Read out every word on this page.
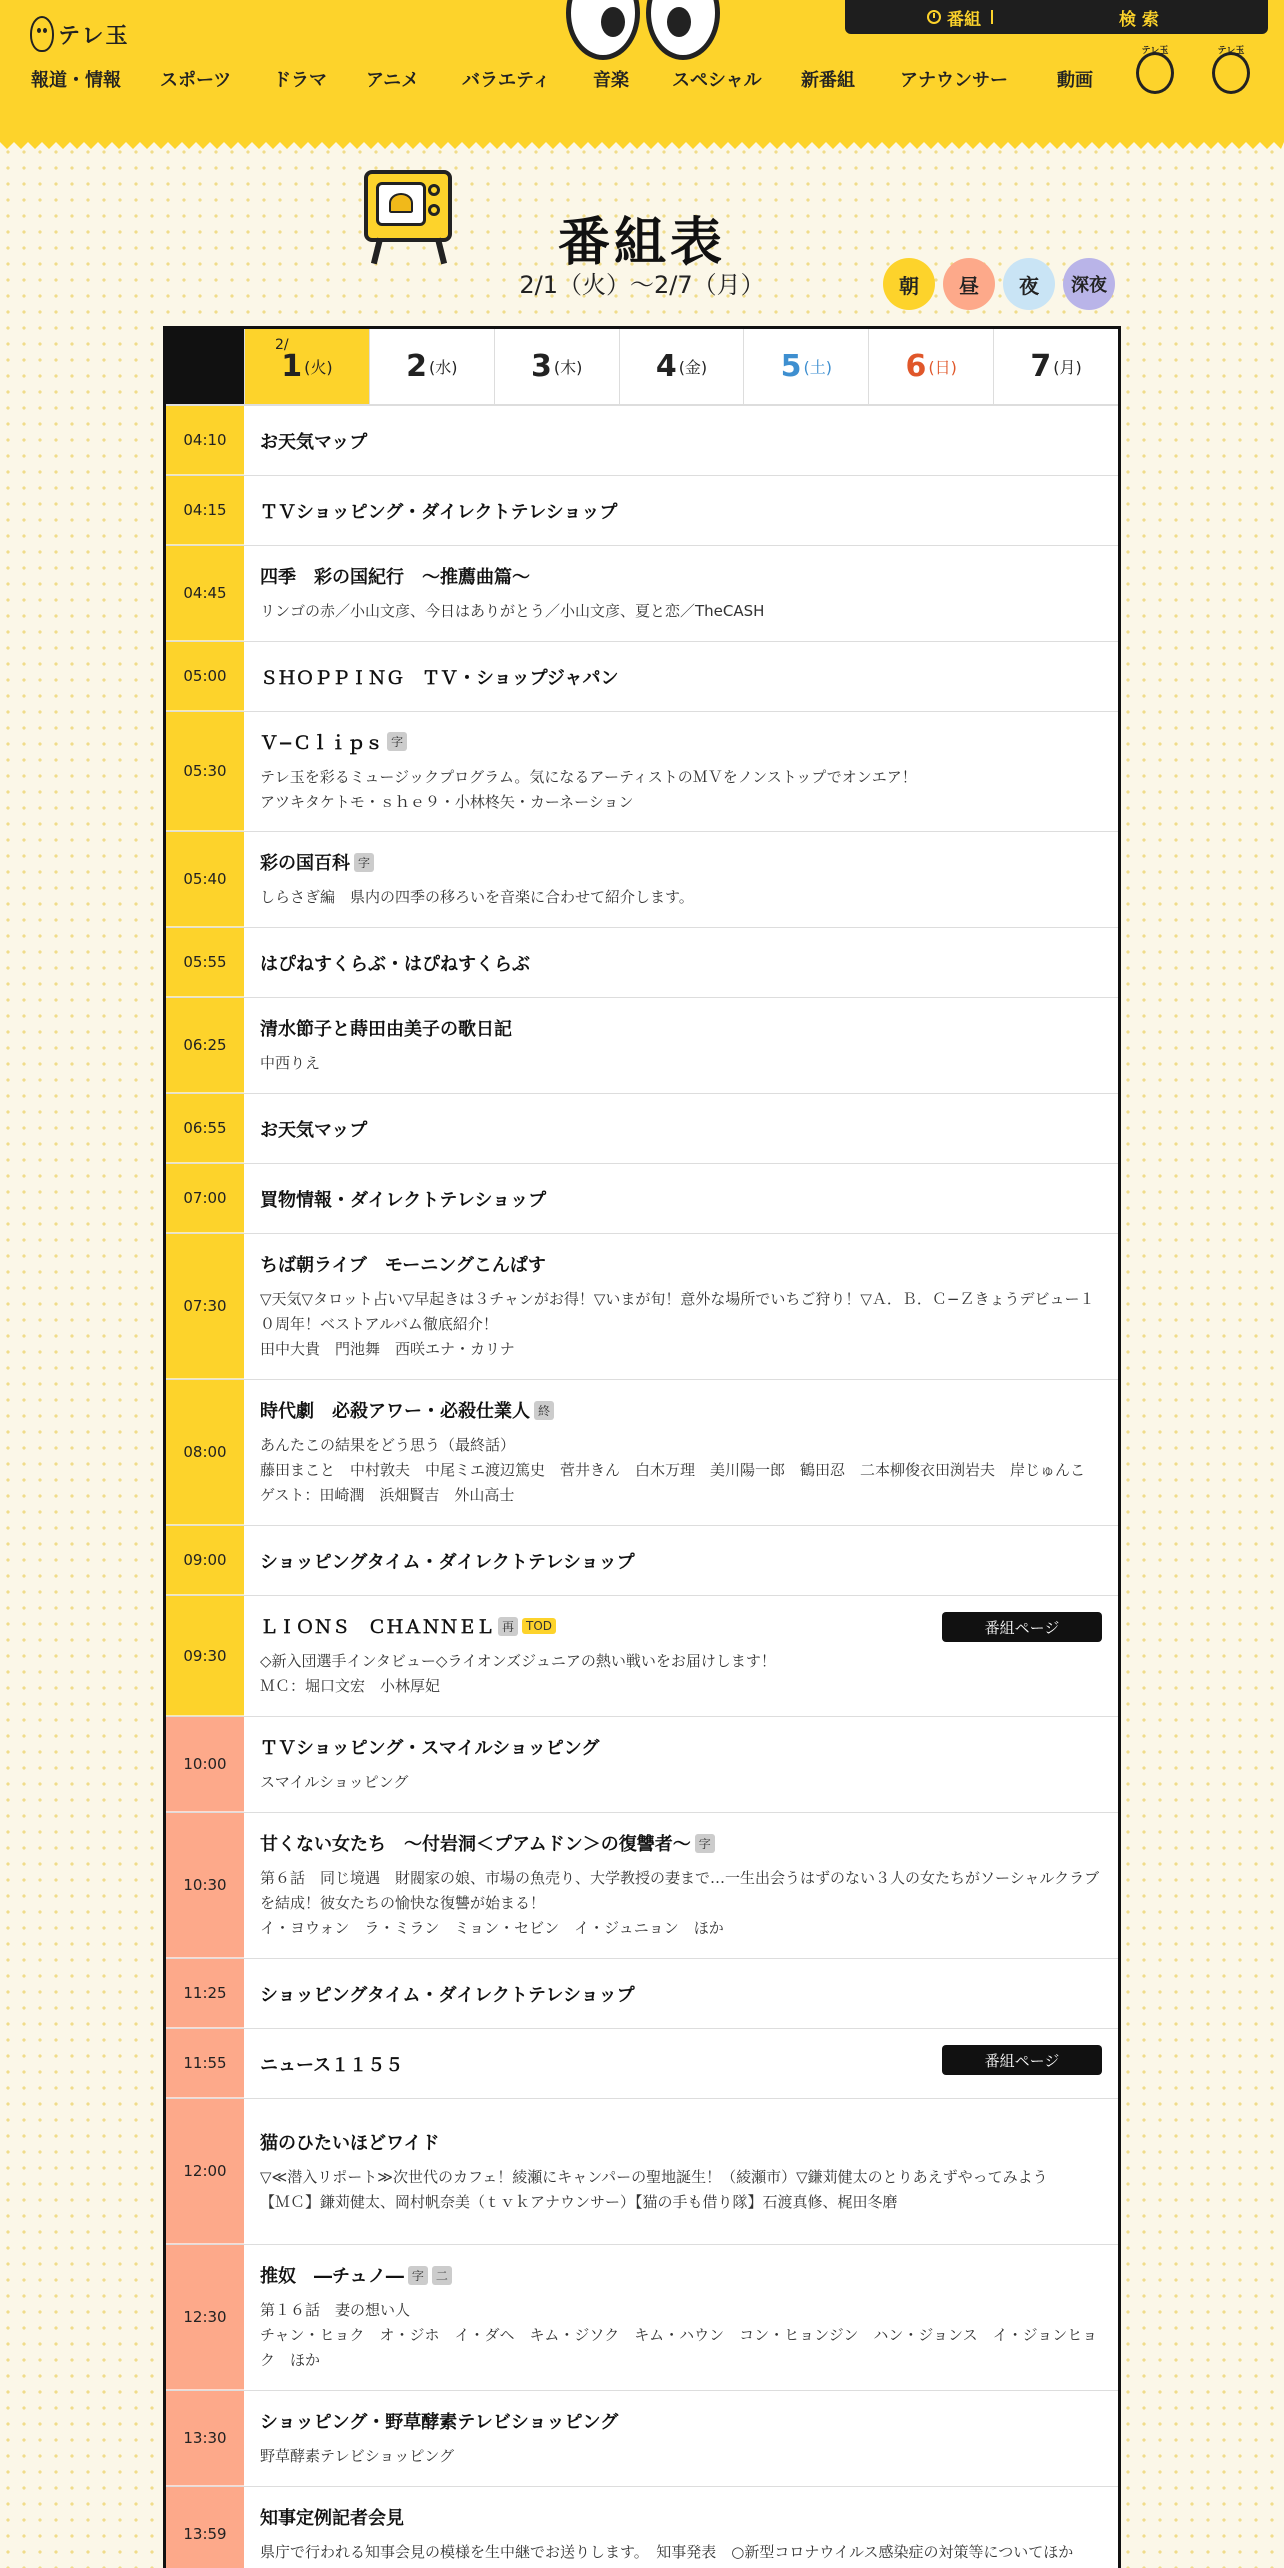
テレ玉
番組	検 索
報道・情報 スポーツ ドラマ アニメ バラエティ 音楽 スペシャル 新番組	アナウンサー	動画
テレ玉	テレ玉
番組表
2/1（火）〜2/7（月）	朝	昼	夜	深夜
2/
1 (火) 2 (水) 3 (木) 4 (金) 5 (土) 6 (日) 7 (月)
04:10	お天気マップ
04:15	ＴＶショッピング・ダイレクトテレショップ
04:45
四季　彩の国紀行　〜推薦曲篇〜
リンゴの赤／小山文彦、今日はありがとう／小山文彦、夏と恋／TheCASH
05:00	ＳＨＯＰＰＩＮＧ　ＴＶ・ショップジャパン
05:30
Ｖ−Ｃｌｉｐｓ 字
テレ玉を彩るミュージックプログラム。気になるアーティストのＭＶをノンストップでオンエア！
アツキタケトモ・ｓｈｅ９・小林柊矢・カーネーション
05:40
彩の国百科 字
しらさぎ編　県内の四季の移ろいを音楽に合わせて紹介します。
05:55	はぴねすくらぶ・はぴねすくらぶ
06:25
清水節子と蒔田由美子の歌日記
中西りえ
06:55	お天気マップ
07:00	買物情報・ダイレクトテレショップ
07:30
ちば朝ライブ　モーニングこんぱす
▽天気▽タロット占い▽早起きは３チャンがお得！▽いまが旬！意外な場所でいちご狩り！▽Ａ．Ｂ．Ｃ−Ｚきょうデビュー１０周年！ベストアルバム徹底紹介！
田中大貴　門池舞　西咲エナ・カリナ
08:00
時代劇　必殺アワー・必殺仕業人 終
あんたこの結果をどう思う（最終話）
藤田まこと　中村敦夫　中尾ミエ渡辺篤史　菅井きん　白木万理　美川陽一郎　鶴田忍　二本柳俊衣田渕岩夫　岸じゅんこ　ゲスト：田崎潤　浜畑賢吉　外山高士
09:00	ショッピングタイム・ダイレクトテレショップ
09:30
ＬＩＯＮＳ　ＣＨＡＮＮＥＬ 再	TOD
◇新入団選手インタビュー◇ライオンズジュニアの熱い戦いをお届けします！
ＭＣ：堀口文宏　小林厚妃
番組ページ
10:00
ＴＶショッピング・スマイルショッピング
スマイルショッピング
10:30
甘くない女たち　〜付岩洞＜プアムドン＞の復讐者〜 字
第６話　同じ境遇　財閥家の娘、市場の魚売り、大学教授の妻まで…一生出会うはずのない３人の女たちがソーシャルクラブを結成！彼女たちの愉快な復讐が始まる！
イ・ヨウォン　ラ・ミラン　ミョン・セビン　イ・ジュニョン　ほか
11:25	ショッピングタイム・ダイレクトテレショップ
11:55	ニュース１１５５	番組ページ
12:00
猫のひたいほどワイド
▽≪潜入リポート≫次世代のカフェ！綾瀬にキャンパーの聖地誕生！（綾瀬市）▽鎌苅健太のとりあえずやってみよう
【ＭＣ】鎌苅健太、岡村帆奈美（ｔｖｋアナウンサー）【猫の手も借り隊】石渡真修、梶田冬磨
12:30
推奴　―チュノ― 字	二
第１６話　妻の想い人
チャン・ヒョク　オ・ジホ　イ・ダヘ　キム・ジソク　キム・ハウン　コン・ヒョンジン　ハン・ジョンス　イ・ジョンヒョク　ほか
13:30
ショッピング・野草酵素テレビショッピング
野草酵素テレビショッピング
13:59
知事定例記者会見
県庁で行われる知事会見の模様を生中継でお送りします。　知事発表　○新型コロナウイルス感染症の対策等についてほか
